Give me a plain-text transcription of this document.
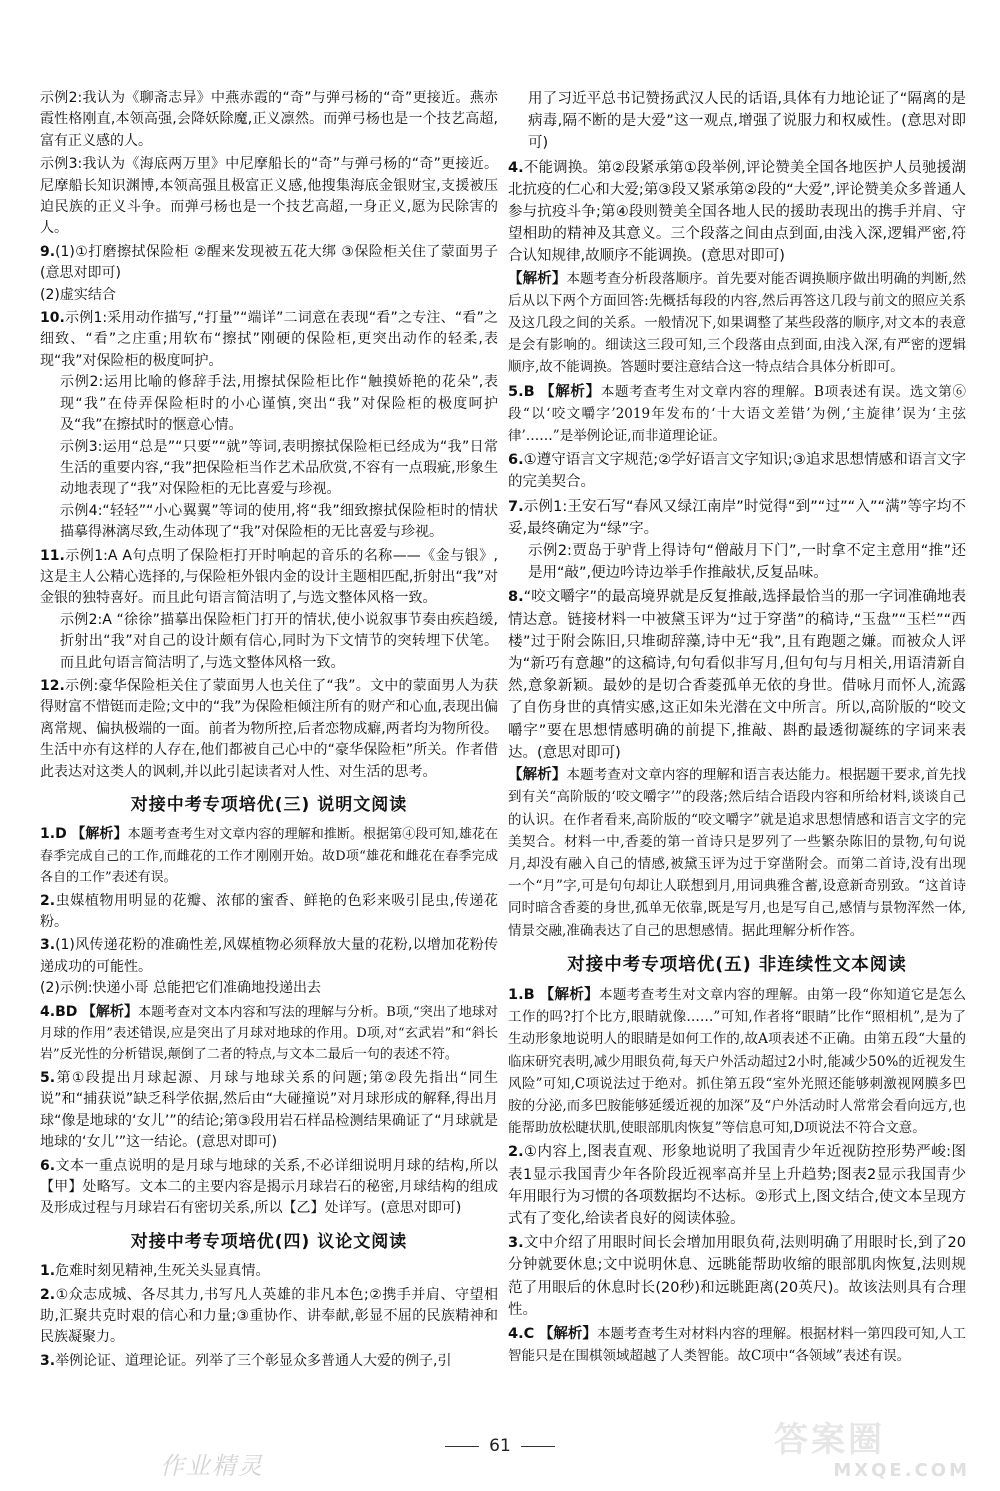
示例2:我认为《聊斋志异》中燕赤霞的“奇”与弹弓杨的“奇”更接近。燕赤霞性格刚直,本领高强,会降妖除魔,正义凛然。而弹弓杨也是一个技艺高超,富有正义感的人。
示例3:我认为《海底两万里》中尼摩船长的“奇”与弹弓杨的“奇”更接近。尼摩船长知识渊博,本领高强且极富正义感,他搜集海底金银财宝,支援被压迫民族的正义斗争。而弹弓杨也是一个技艺高超,一身正义,愿为民除害的人。
9.(1)①打磨擦拭保险柜 ②醒来发现被五花大绑 ③保险柜关住了蒙面男子(意思对即可)
(2)虚实结合
10.示例1:采用动作描写,“打量”“端详”二词意在表现“看”之专注、“看”之细致、“看”之庄重;用软布“擦拭”刚硬的保险柜,更突出动作的轻柔,表现“我”对保险柜的极度呵护。
示例2:运用比喻的修辞手法,用擦拭保险柜比作“触摸娇艳的花朵”,表现“我”在侍弄保险柜时的小心谨慎,突出“我”对保险柜的极度呵护及“我”在擦拭时的惬意心情。
示例3:运用“总是”“只要”“就”等词,表明擦拭保险柜已经成为“我”日常生活的重要内容,“我”把保险柜当作艺术品欣赏,不容有一点瑕疵,形象生动地表现了“我”对保险柜的无比喜爱与珍视。
示例4:“轻轻”“小心翼翼”等词的使用,将“我”细致擦拭保险柜时的情状描摹得淋漓尽致,生动体现了“我”对保险柜的无比喜爱与珍视。
11.示例1:A A句点明了保险柜打开时响起的音乐的名称——《金与银》,这是主人公精心选择的,与保险柜外银内金的设计主题相匹配,折射出“我”对金银的独特喜好。而且此句语言简洁明了,与选文整体风格一致。
示例2:A “徐徐”描摹出保险柜门打开的情状,使小说叙事节奏由疾趋缓,折射出“我”对自己的设计颇有信心,同时为下文情节的突转埋下伏笔。而且此句语言简洁明了,与选文整体风格一致。
12.示例:豪华保险柜关住了蒙面男人也关住了“我”。文中的蒙面男人为获得财富不惜铤而走险;文中的“我”为保险柜倾注所有的财产和心血,表现出偏离常规、偏执极端的一面。前者为物所控,后者恋物成癖,两者均为物所役。生活中亦有这样的人存在,他们都被自己心中的“豪华保险柜”所关。作者借此表达对这类人的讽刺,并以此引起读者对人性、对生活的思考。
对接中考专项培优(三) 说明文阅读
1.D 【解析】本题考查考生对文章内容的理解和推断。根据第④段可知,雄花在春季完成自己的工作,而雌花的工作才刚刚开始。故D项“雄花和雌花在春季完成各自的工作”表述有误。
2.虫媒植物用明显的花瓣、浓郁的蜜香、鲜艳的色彩来吸引昆虫,传递花粉。
3.(1)风传递花粉的准确性差,风媒植物必须释放大量的花粉,以增加花粉传递成功的可能性。
(2)示例:快递小哥 总能把它们准确地投递出去
4.BD 【解析】本题考查对文本内容和写法的理解与分析。B项,“突出了地球对月球的作用”表述错误,应是突出了月球对地球的作用。D项,对“玄武岩”和“斜长岩”反光性的分析错误,颠倒了二者的特点,与文本二最后一句的表述不符。
5.第①段提出月球起源、月球与地球关系的问题;第②段先指出“同生说”和“捕获说”缺乏科学依据,然后由“大碰撞说”对月球形成的解释,得出月球“像是地球的‘女儿’”的结论;第③段用岩石样品检测结果确证了“月球就是地球的‘女儿’”这一结论。(意思对即可)
6.文本一重点说明的是月球与地球的关系,不必详细说明月球的结构,所以【甲】处略写。文本二的主要内容是揭示月球岩石的秘密,月球结构的组成及形成过程与月球岩石有密切关系,所以【乙】处详写。(意思对即可)
对接中考专项培优(四) 议论文阅读
1.危难时刻见精神,生死关头显真情。
2.①众志成城、各尽其力,书写凡人英雄的非凡本色;②携手并肩、守望相助,汇聚共克时艰的信心和力量;③重协作、讲奉献,彰显不屈的民族精神和民族凝聚力。
3.举例论证、道理论证。列举了三个彰显众多普通人大爱的例子,引
用了习近平总书记赞扬武汉人民的话语,具体有力地论证了“隔离的是病毒,隔不断的是大爱”这一观点,增强了说服力和权威性。(意思对即可)
4.不能调换。第②段紧承第①段举例,评论赞美全国各地医护人员驰援湖北抗疫的仁心和大爱;第③段又紧承第②段的“大爱”,评论赞美众多普通人参与抗疫斗争;第④段则赞美全国各地人民的援助表现出的携手并肩、守望相助的精神及其意义。三个段落之间由点到面,由浅入深,逻辑严密,符合认知规律,故顺序不能调换。(意思对即可)
【解析】本题考查分析段落顺序。首先要对能否调换顺序做出明确的判断,然后从以下两个方面回答:先概括每段的内容,然后再答这几段与前文的照应关系及这几段之间的关系。一般情况下,如果调整了某些段落的顺序,对文本的表意是会有影响的。细读这三段可知,三个段落由点到面,由浅入深,有严密的逻辑顺序,故不能调换。答题时要注意结合这一特点结合具体分析即可。
5.B 【解析】本题考查考生对文章内容的理解。B项表述有误。选文第⑥段“以‘咬文嚼字’2019年发布的‘十大语文差错’为例,‘主旋律’误为‘主弦律’……”是举例论证,而非道理论证。
6.①遵守语言文字规范;②学好语言文字知识;③追求思想情感和语言文字的完美契合。
7.示例1:王安石写“春风又绿江南岸”时觉得“到”“过”“入”“满”等字均不妥,最终确定为“绿”字。
示例2:贾岛于驴背上得诗句“僧敲月下门”,一时拿不定主意用“推”还是用“敲”,便边吟诗边举手作推敲状,反复品味。
8.“咬文嚼字”的最高境界就是反复推敲,选择最恰当的那一字词准确地表情达意。链接材料一中被黛玉评为“过于穿凿”的稿诗,“玉盘”“玉栏”“西楼”过于附会陈旧,只堆砌辞藻,诗中无“我”,且有跑题之嫌。而被众人评为“新巧有意趣”的这稿诗,句句看似非写月,但句句与月相关,用语清新自然,意象新颖。最妙的是切合香菱孤单无依的身世。借咏月而怀人,流露了自伤身世的真情实感,这正如朱光潜在文中所言。所以,高阶版的“咬文嚼字”要在思想情感明确的前提下,推敲、斟酌最透彻凝练的字词来表达。(意思对即可)
【解析】本题考查对文章内容的理解和语言表达能力。根据题干要求,首先找到有关“高阶版的‘咬文嚼字’”的段落;然后结合语段内容和所给材料,谈谈自己的认识。在作者看来,高阶版的“咬文嚼字”就是追求思想情感和语言文字的完美契合。材料一中,香菱的第一首诗只是罗列了一些繁杂陈旧的景物,句句说月,却没有融入自己的情感,被黛玉评为过于穿凿附会。而第二首诗,没有出现一个“月”字,可是句句却让人联想到月,用词典雅含蓄,设意新奇别致。“这首诗同时暗含香菱的身世,孤单无依靠,既是写月,也是写自己,感情与景物浑然一体,情景交融,准确表达了自己的思想感情。据此理解分析作答。
对接中考专项培优(五) 非连续性文本阅读
1.B 【解析】本题考查考生对文章内容的理解。由第一段“你知道它是怎么工作的吗?打个比方,眼睛就像……”可知,作者将“眼睛”比作“照相机”,是为了生动形象地说明人的眼睛是如何工作的,故A项表述不正确。由第五段“大量的临床研究表明,减少用眼负荷,每天户外活动超过2小时,能减少50%的近视发生风险”可知,C项说法过于绝对。抓住第五段“室外光照还能够刺激视网膜多巴胺的分泌,而多巴胺能够延缓近视的加深”及“户外活动时人常常会看向远方,也能帮助放松睫状肌,使眼部肌肉恢复”等信息可知,D项说法不符合文意。
2.①内容上,图表直观、形象地说明了我国青少年近视防控形势严峻:图表1显示我国青少年各阶段近视率高并呈上升趋势;图表2显示我国青少年用眼行为习惯的各项数据均不达标。②形式上,图文结合,使文本呈现方式有了变化,给读者良好的阅读体验。
3.文中介绍了用眼时间长会增加用眼负荷,法则明确了用眼时长,到了20分钟就要休息;文中说明休息、远眺能帮助收缩的眼部肌肉恢复,法则规范了用眼后的休息时长(20秒)和远眺距离(20英尺)。故该法则具有合理性。
4.C 【解析】本题考查考生对材料内容的理解。根据材料一第四段可知,人工智能只是在围棋领域超越了人类智能。故C项中“各领域”表述有误。
61
作业精灵
答案圈
MXQE.COM
